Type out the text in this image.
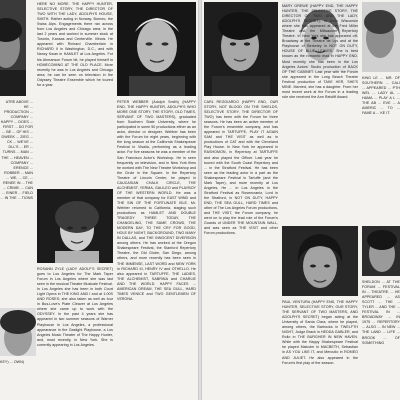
ATRE ABOVE ... HE ... PRODUCTION ... COMPANY ... HAPPY ... DOES ... FIRST ... DO FOR ... BE ... OF HIS ... DWEEK ... ZIEG ... CK ... WE'VE ... DLL'S ... ER ... TURNS ... MAN ... THE ... HEAVEN ... COMPANY ... ERENCE ... ROBBER ... MAN ... WE, ... CE, ... RENEE IN ... THE ... CRIME. ... CAN ... EINER ... FIELD ... IN THE ... TIONS
KEY) ... OWN)
HERE NO MORE. THE HAPPY HUNTER, SELECTIVE STORY, THE DIRECTOR OF TWO WITH THE LADY, ADOLPH'S HOUSE, SMITH. Rather acting in Norway. Borneo, the Swiss Alps. Engagements there ran across from Los Angeles and Chicago area; in the last 2 years and worked in summer stock at Toronto, Kansas and Centerville. Illinois. He appeared with Richard Chamberlain in RICHARD II in Washington, D.C., and with Nancy Kwan in HAMLET at Los Angeles. For his Ahmanson Forum bit, he played himself in HOMECOMING AT THE OLD PLACE. More recently he was in Los Angeles and Chicago area; he can be seen on television in the Odyssey Theatre Ensemble which he toured for a year.
ROSANN ZYLE (LADY ADOLF'S SECRET) goes to Los Angeles for The Mark Taper Forum in Los Angeles where she was last seen in the musical Theatre Musicale Festival. In Los Angeles she has been in both Court Light Opera in THE KING AND I and at 1:00S AND ROSES; she also taken as well as four in Bus-Love's Plate Cleaver at Los Angeles where she came up to work with the ODYSSEY. In the past 4 years she has appeared in two summer seasons of Warner Playhouse in Los Angeles, a professional appearance in the Gaslight Playhouse, a Los Angeles Music Theater of The Happy Hunter, and, most recently, in New York. She is currently appearing in Los Angeles.
PETER WEBBER (Adolph Smith) (HAPPY END, THE HAPPY HUNTER, ADOLPH'S WHO MORE ONE STORY, THE STORY, OLD TIMES, SERVANT OF TWO MASTERS), graduated from Southern State University, where he participated in some 50 productions either as an actor, director or designer. Webber has been with the Forum for eight years, beginning with the long season at the California Shakespeare Festival in Visalia, performing as a leading actor. For five seasons he was a member of the San Francisco Actor's Workshop. He is seen frequently on television, and in New York films he worked with The New Theatre Workshop and the Circle in the Square. In the Repertory Theatre of Lincoln Center, he played in CAUCASIAN CHALK CIRCLE, THE ALCHEMIST, YERMA, GALILEO and PLAYBOY OF THE WESTERN WORLD. He was a member of that company for EAST WIND and THE SIN OF THE FORTUNATE ISLE. Mr. Webber returned to California, staging such productions as HAMLET AND DOUBLE TRAGEDY THREE TODAY, THE CHANGELING, THE SAME CROWD, THE MODERN DAY, TO THE CRY FOR GOOD, HOLE BY NIGHT, BACKGROUND, TWO MANY IN DALLAS, and THE INNOCENT DIVERSION among others. He has worked at the Oregon Shakespeare Festival, the Stanford Repertory Theatre, the Old Globe, San Diego, among others, and more recently has been seen in THE IMMENSE, LAST WORD and NEW YORK in RICHARD III, HENRY IV and OTHELLO. He also appeared in TARTUFFE, THE LADIES, THE ALCHEMIST, SABRINA and CHARLIE AND THE WORLD. HAPPY FACES ... AMERICAN DREAM, THE SEA GULL, HARD TIMES VENICE and TWO GENTLEMEN OF VERONA.
CARL REGGIARDO (HAPPY END, OUR STORY, NOT BLOOD ON THE SHIELDS, SELECTIVE STORY, THE DIRECTOR OF TWO) has been with the Forum for three seasons. He has been an active member of the Forum's ensemble company, and has appeared in TARTUFFE, PLAY IT AGAIN SAM and THE VISIT as well as in productions of CAT and with the Cleveland Play House. In New York he appeared in RASHOMON, in Repertory at TARTUFFE and also played the Officer. Last year he toured with the South Coast Repertory and ... in the Stratford Festival. He has been seen as the leading actor in a part as the Shakespeare Festival in Tartuffe (and the Mark Taper), and more recently at Los Angeles, He ... in Los Angeles in the Stratford Festival as Rosencrantz, Lord in the Stratford, in NOT ON DUTY, HAPPY END, THE SEA GULL, HARD TIMES and other of The Los Angeles Forum productions, and THE VISIT, the Forum company; he went on to play the lead role of the Forum's Guards of UNDER THE MOUNTAIN WALL, and was seen as THE VISIT and other Forum productions.
MARY GREWE (HAPPY END, THE HAPPY HUNTER, THE SELECTIVE STORY, THE DIRECTOR OF TWO, AND THE LADY, ADOLPH'S SECRET), is from Wisconsin where she has appeared at the Fred Miller Theatre and the Milwaukee Repertory Theatre. In New York she has appeared off-Broadway at the Theatre de Lys and at the Playhouse of Berkeley in NOT ON DUTY, HOUSE OF BLUE LEAVES. She is best known as the romantic lead in HAPPY END. Most recently she has been in the Los Angeles Actors' Studio production of BACK OF THE CABINET. Last year with the Forum she appeared in the Long Beach Theatre Festival production of TAKE HER, SHE'S MINE. Married, she has a daughter. From her most recent work at the Forum in a leading role she received the Ann Ratcliff Award.
PAUL VENTURA (HAPPY END, THE HAPPY HUNTER, SELECTIVE STORY, OUR STORY, THE SERVANT OF TWO MASTERS, AND ADOLPH'S SECRET) began acting at the University of Santa Clara, where he played, among others, the Barhocks in TWELFTH NIGHT, Judge Brack in HEDDA GABLER, and Rollo in THE BURGHER IN NEW HAVEN. While with the Happy Shakespeare Festival he played Malcolm in MACBETH, Sebastian in AS YOU LIKE IT, and Mercutio in ROMEO AND JULIET. He also appeared in the Forum's first play of the season.
KING LE ... MR. OF SOUTHERN ... CALI ... APPEARED ... PTH WEL ... LADY AL ... HAMA ... PLAY A L ... THE AB ... EVE ... A AMERIC ... TO ... FAME A ... KE IT.
SHELDON ... AT THE FORUM ... FESTIVAL IN ... THEATRE. ... HE APPEARED ... AS SCOTT ... THE ... TYLER ... AND THE ... FESTIVAL IN ... BROADWAY ... IN 1975 ... REPERTORY ... ALSO ... IN NEW ... THE LAND ... LIFE ... BROOK ... OF SOMETHING
